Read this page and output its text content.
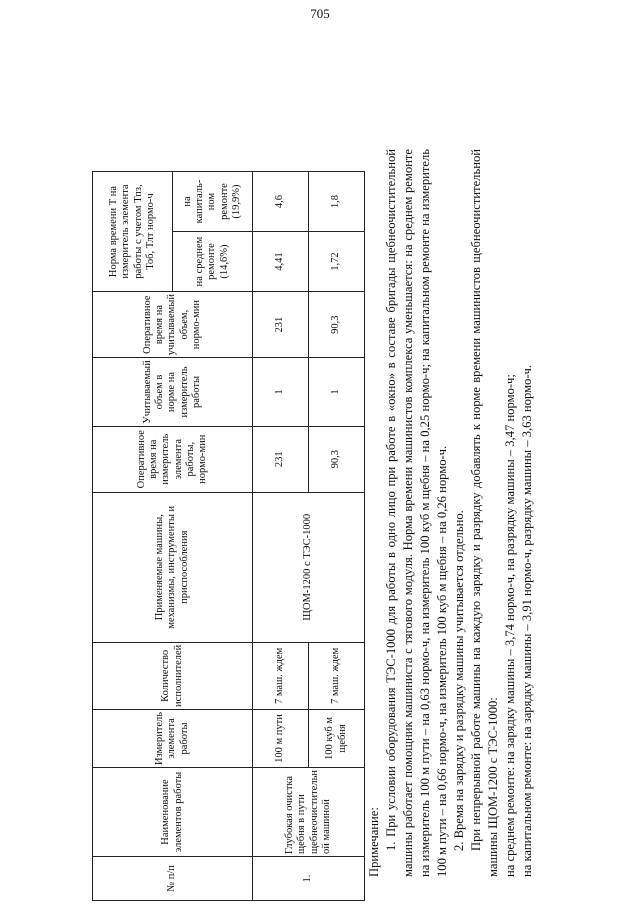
705
№ п/п	Наименование элементов работы	Измеритель элемента работы	Количество исполнителей	Применяемые машины, механизмы, инструменты и приспособления	Оперативное время на измеритель элемента работы, нормо-мин	Учитываемый объем в норме на измеритель работы	Оперативное время на учитываемый объем, нормо-мин	Норма времени Т на измеритель элемента работы с учетом Тпз, Тоб, Тлт нормо-ч	
								на среднем ремонте (14,6%)	на капитальном ремонте (19,9%)
1.	Глубокая очистка щебня в пути щебнеочистительн ой машиной	100 м пути	7 маш. ждем	ЩОМ-1200 с ТЭС-1000	231	1	231	4,41	4,6
		100 куб м щебня	7 маш. ждем		90,3	1	90,3	1,72	1,8

Примечание: 1. При условии оборудования ТЭС-1000 для работы в одно лицо при работе в «окно» в составе бригады щебнеочистительной машины работает помощник машиниста с тягового модуля. Норма времени машинистов комплекса уменьшается: на среднем ремонте на измеритель 100 м пути – на 0,63 нормо-ч, на измеритель 100 куб м щебня – на 0,25 нормо-ч; на капитальном ремонте на измеритель 100 м пути – на 0,66 нормо-ч, на измеритель 100 куб м щебня – на 0,26 нормо-ч. 2. Время на зарядку и разрядку машины учитывается отдельно. При непрерывной работе машины на каждую зарядку и разрядку добавлять к норме времени машинистов щебнеочистительной машины ЩОМ-1200 с ТЭС-1000: на среднем ремонте: на зарядку машины – 3,74 нормо-ч, на разрядку машины – 3,47 нормо-ч; на капитальном ремонте: на зарядку машины – 3,91 нормо-ч, разрядку машины – 3,63 нормо-ч.
